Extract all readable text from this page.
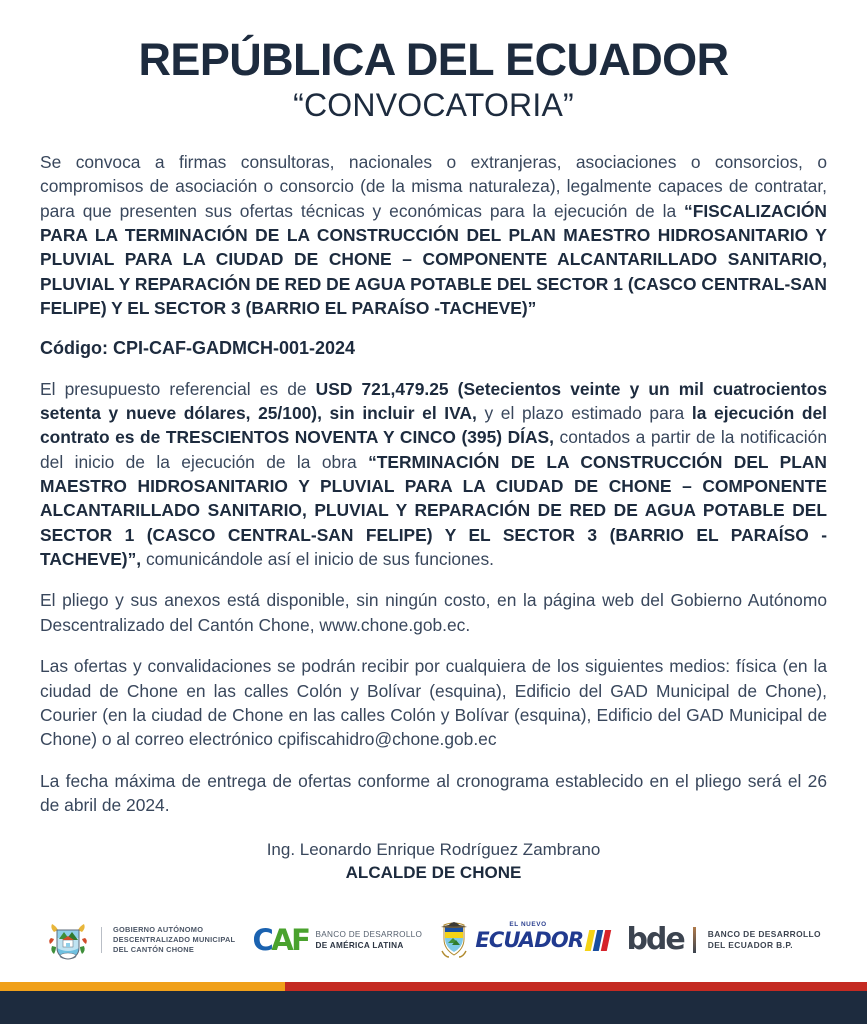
REPÚBLICA DEL ECUADOR
“CONVOCATORIA”

Se convoca a firmas consultoras, nacionales o extranjeras, asociaciones o consorcios, o compromisos de asociación o consorcio (de la misma naturaleza), legalmente capaces de contratar, para que presenten sus ofertas técnicas y económicas para la ejecución de la “FISCALIZACIÓN PARA LA TERMINACIÓN DE LA CONSTRUCCIÓN DEL PLAN MAESTRO HIDROSANITARIO Y PLUVIAL PARA LA CIUDAD DE CHONE – COMPONENTE ALCANTARILLADO SANITARIO, PLUVIAL Y REPARACIÓN DE RED DE AGUA POTABLE DEL SECTOR 1 (CASCO CENTRAL-SAN FELIPE) Y EL SECTOR 3 (BARRIO EL PARAÍSO -TACHEVE)”

Código: CPI-CAF-GADMCH-001-2024

El presupuesto referencial es de USD 721,479.25 (Setecientos veinte y un mil cuatrocientos setenta y nueve dólares, 25/100), sin incluir el IVA, y el plazo estimado para la ejecución del contrato es de TRESCIENTOS NOVENTA Y CINCO (395) DÍAS, contados a partir de la notificación del inicio de la ejecución de la obra “TERMINACIÓN DE LA CONSTRUCCIÓN DEL PLAN MAESTRO HIDROSANITARIO Y PLUVIAL PARA LA CIUDAD DE CHONE – COMPONENTE ALCANTARILLADO SANITARIO, PLUVIAL Y REPARACIÓN DE RED DE AGUA POTABLE DEL SECTOR 1 (CASCO CENTRAL-SAN FELIPE) Y EL SECTOR 3 (BARRIO EL PARAÍSO -TACHEVE)”, comunicándole así el inicio de sus funciones.

El pliego y sus anexos está disponible, sin ningún costo, en la página web del Gobierno Autónomo Descentralizado del Cantón Chone, www.chone.gob.ec.

Las ofertas y convalidaciones se podrán recibir por cualquiera de los siguientes medios: física (en la ciudad de Chone en las calles Colón y Bolívar (esquina), Edificio del GAD Municipal de Chone), Courier (en la ciudad de Chone en las calles Colón y Bolívar (esquina), Edificio del GAD Municipal de Chone) o al correo electrónico cpifiscahidro@chone.gob.ec

La fecha máxima de entrega de ofertas conforme al cronograma establecido en el pliego será el 26 de abril de 2024.

Ing. Leonardo Enrique Rodríguez Zambrano
ALCALDE DE CHONE
GOBIERNO AUTÓNOMO
DESCENTRALIZADO MUNICIPAL
DEL CANTÓN CHONE	CAF BANCO DE DESARROLLO
DE AMÉRICA LATINA
EL NUEVO
ECUADOR bde	BANCO DE DESARROLLO
DEL ECUADOR B.P.
